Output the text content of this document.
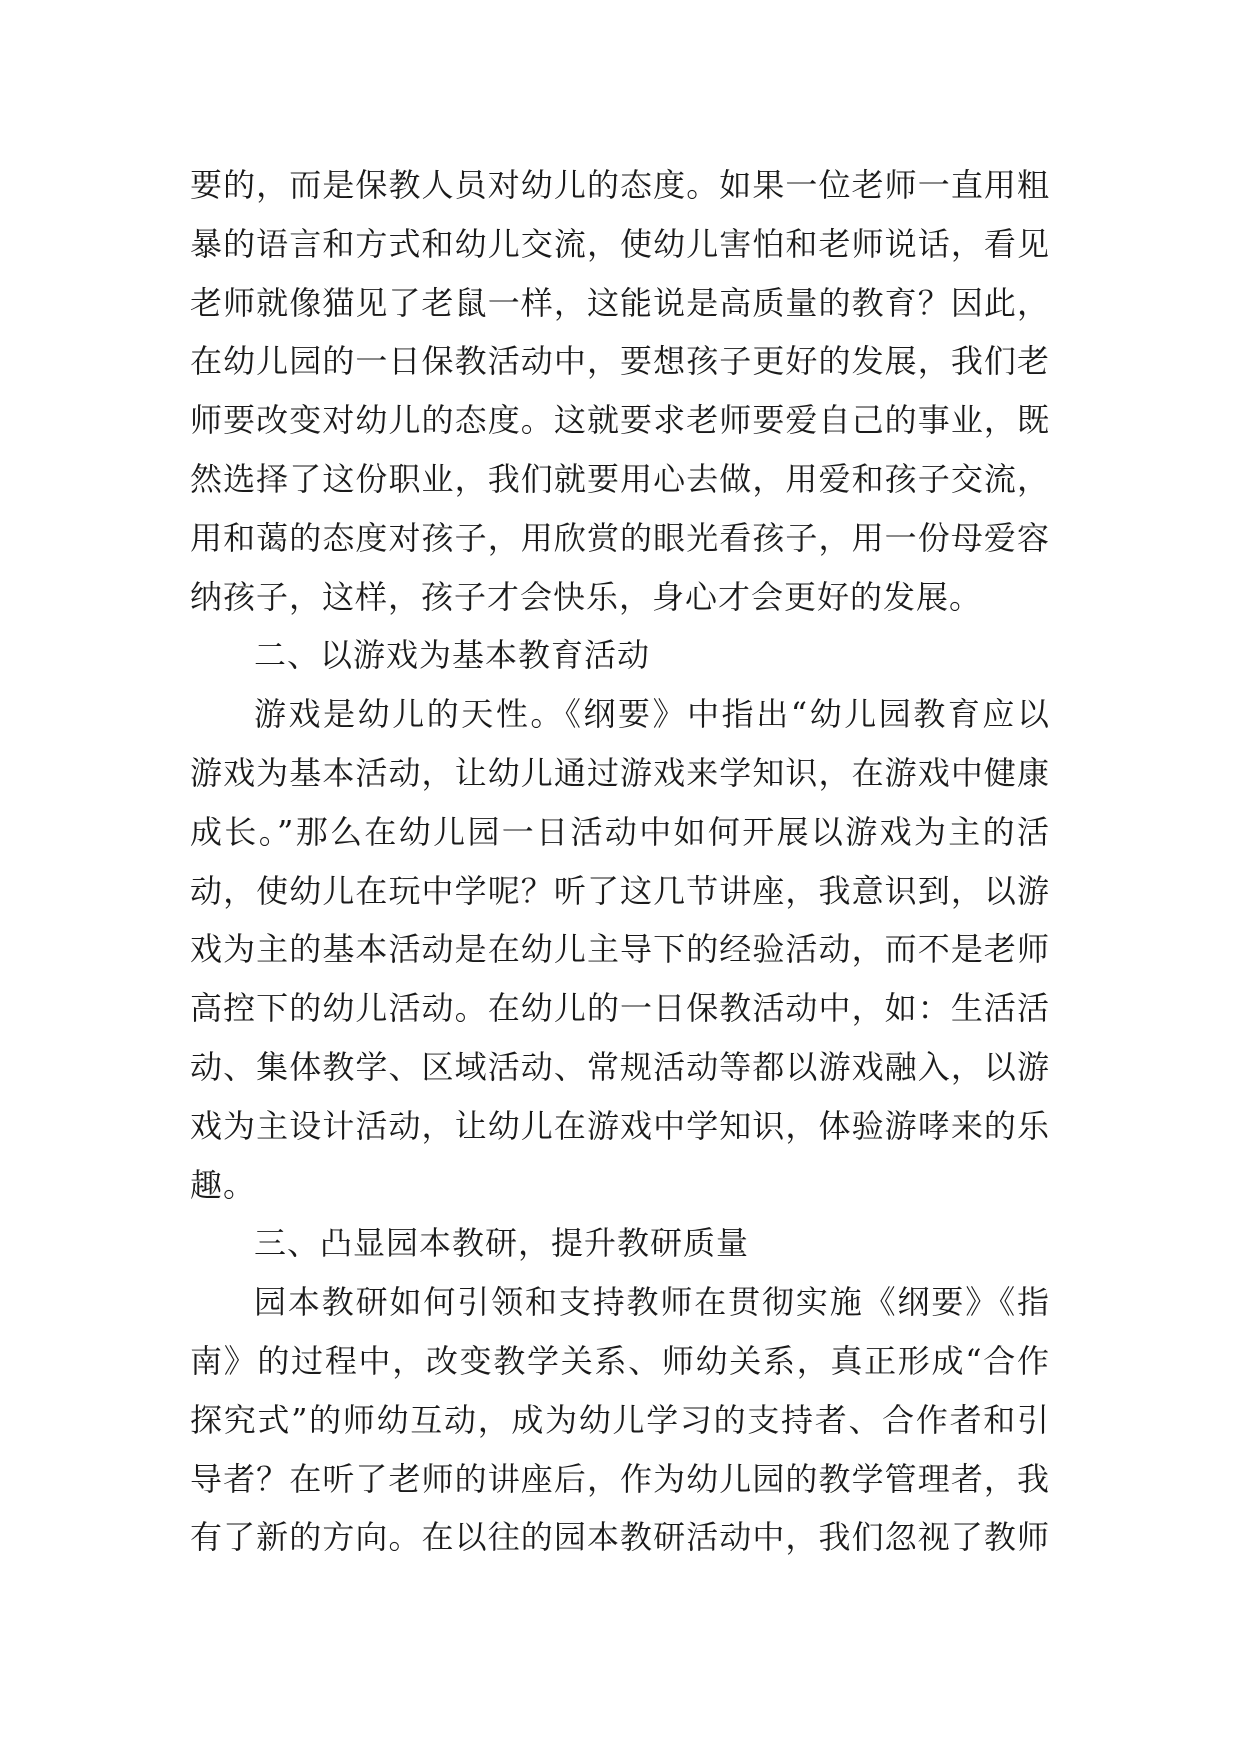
要的，而是保教人员对幼儿的态度。如果一位老师一直用粗
暴的语言和方式和幼儿交流，使幼儿害怕和老师说话，看见
老师就像猫见了老鼠一样，这能说是高质量的教育？因此，
在幼儿园的一日保教活动中，要想孩子更好的发展，我们老
师要改变对幼儿的态度。这就要求老师要爱自己的事业，既
然选择了这份职业，我们就要用心去做，用爱和孩子交流，
用和蔼的态度对孩子，用欣赏的眼光看孩子，用一份母爱容
纳孩子，这样，孩子才会快乐，身心才会更好的发展。
二、以游戏为基本教育活动
游戏是幼儿的天性。《纲要》中指出“幼儿园教育应以
游戏为基本活动，让幼儿通过游戏来学知识，在游戏中健康
成长。”那么在幼儿园一日活动中如何开展以游戏为主的活
动，使幼儿在玩中学呢？听了这几节讲座，我意识到，以游
戏为主的基本活动是在幼儿主导下的经验活动，而不是老师
高控下的幼儿活动。在幼儿的一日保教活动中，如：生活活
动、集体教学、区域活动、常规活动等都以游戏融入，以游
戏为主设计活动，让幼儿在游戏中学知识，体验游哮来的乐
趣。
三、凸显园本教研，提升教研质量
园本教研如何引领和支持教师在贯彻实施《纲要》《指
南》的过程中，改变教学关系、师幼关系，真正形成“合作
探究式”的师幼互动，成为幼儿学习的支持者、合作者和引
导者？在听了老师的讲座后，作为幼儿园的教学管理者，我
有了新的方向。在以往的园本教研活动中，我们忽视了教师
